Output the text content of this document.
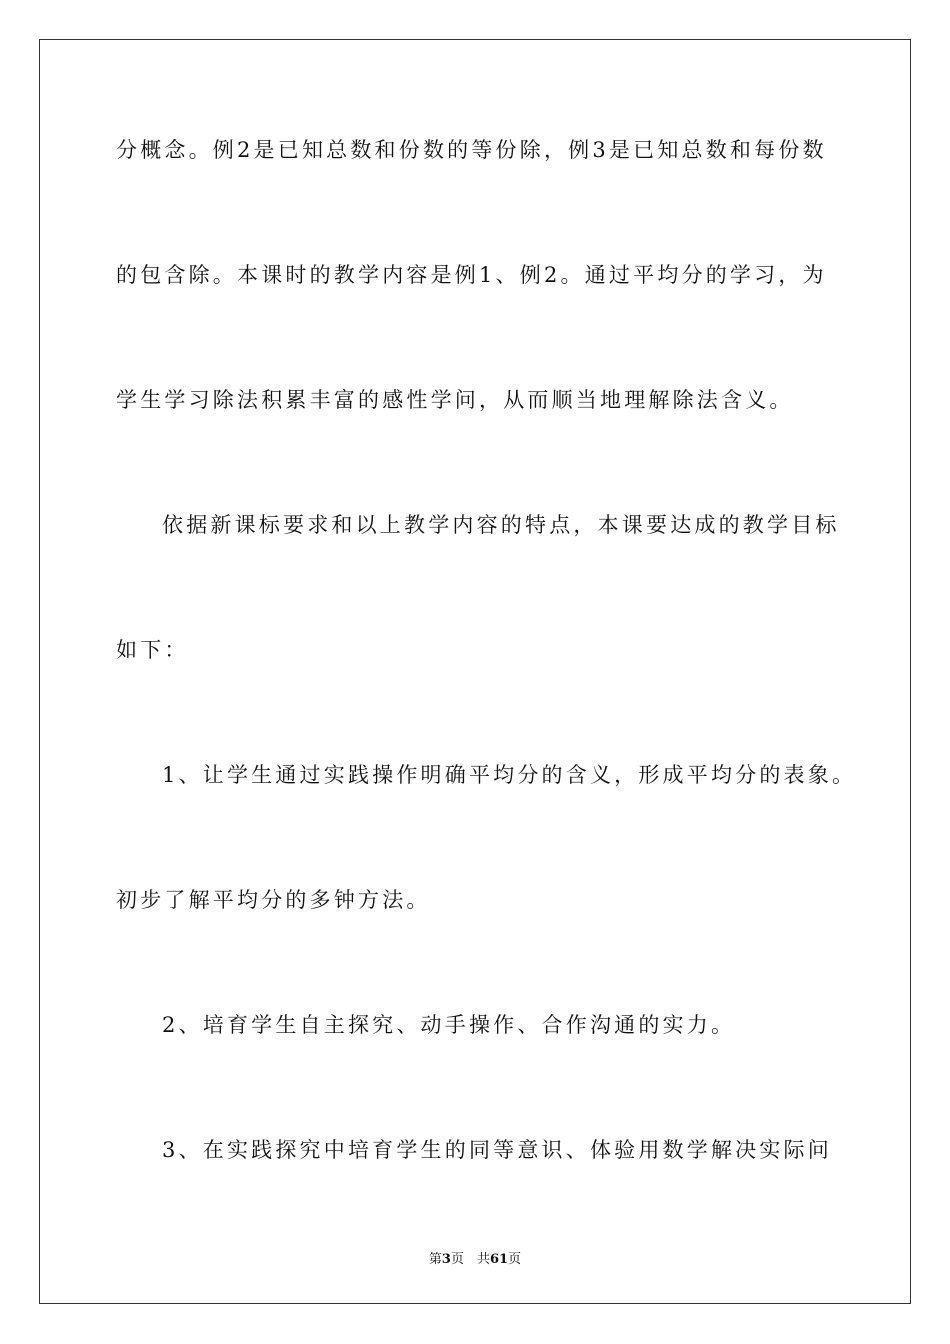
分概念。例2是已知总数和份数的等份除，例3是已知总数和每份数

的包含除。本课时的教学内容是例1、例2。通过平均分的学习，为

学生学习除法积累丰富的感性学问，从而顺当地理解除法含义。

依据新课标要求和以上教学内容的特点，本课要达成的教学目标

如下：

1、让学生通过实践操作明确平均分的含义，形成平均分的表象。

初步了解平均分的多钟方法。

2、培育学生自主探究、动手操作、合作沟通的实力。

3、在实践探究中培育学生的同等意识、体验用数学解决实际问

第3页　共61页
